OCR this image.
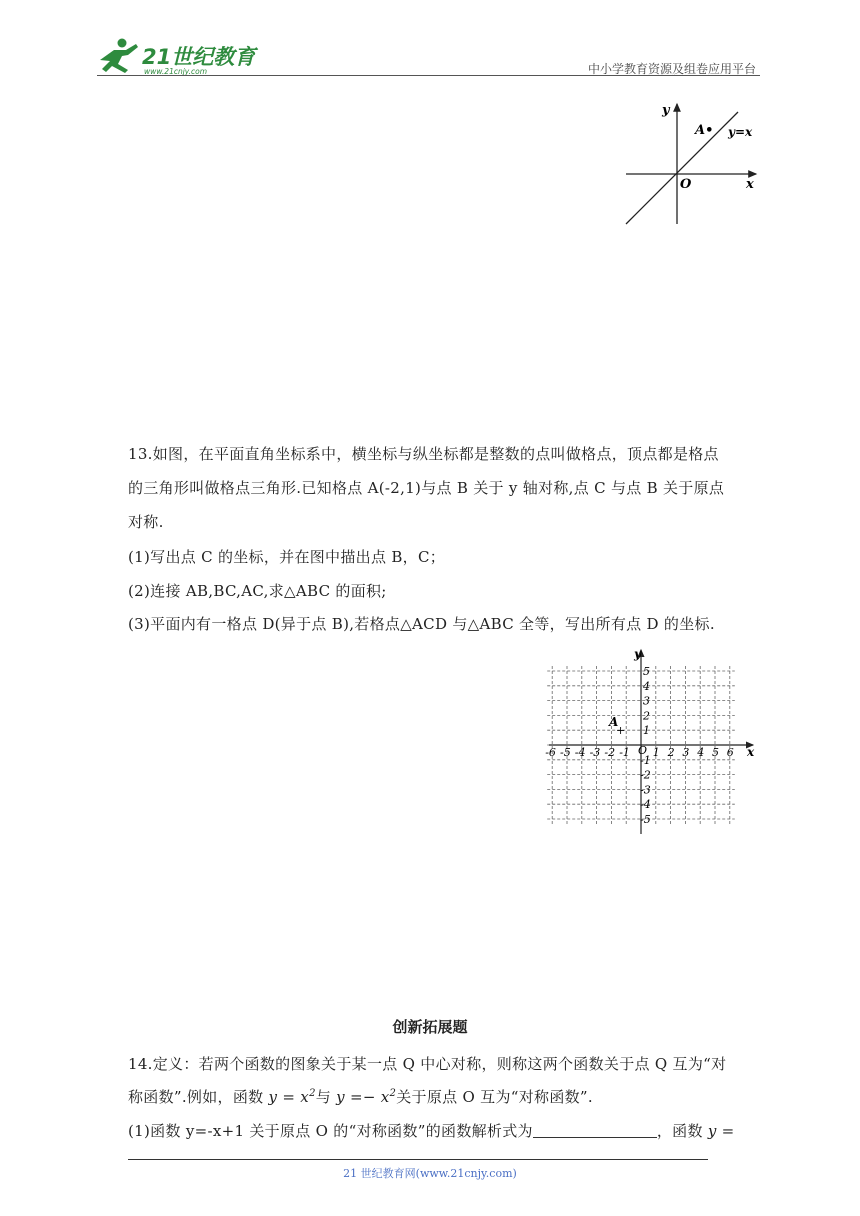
21世纪教育
www.21cnjy.com	中小学教育资源及组卷应用平台
y
x
O
A• y=x
13.如图，在平面直角坐标系中，横坐标与纵坐标都是整数的点叫做格点，顶点都是格点
的三角形叫做格点三角形.已知格点 A(-2,1)与点 B 关于 y 轴对称,点 C 与点 B 关于原点
对称.
(1)写出点 C 的坐标，并在图中描出点 B，C；
(2)连接 AB,BC,AC,求△ABC 的面积;
(3)平面内有一格点 D(异于点 B),若格点△ACD 与△ABC 全等，写出所有点 D 的坐标.
-6 -5 -4 -3 -2 -1 1 2 3 4 5 6
5
4
3
2
1
-1
-2
-3
-4
-5
y
x
O
A
+
创新拓展题
14.定义：若两个函数的图象关于某一点 Q 中心对称，则称这两个函数关于点 Q 互为“对
称函数”.例如，函数 $y = x^2$与 $y =- x^2$关于原点 O 互为“对称函数”.
(1)函数 y=-x+1 关于原点 O 的“对称函数”的函数解析式为	，函数 y =
21 世纪教育网(www.21cnjy.com)
